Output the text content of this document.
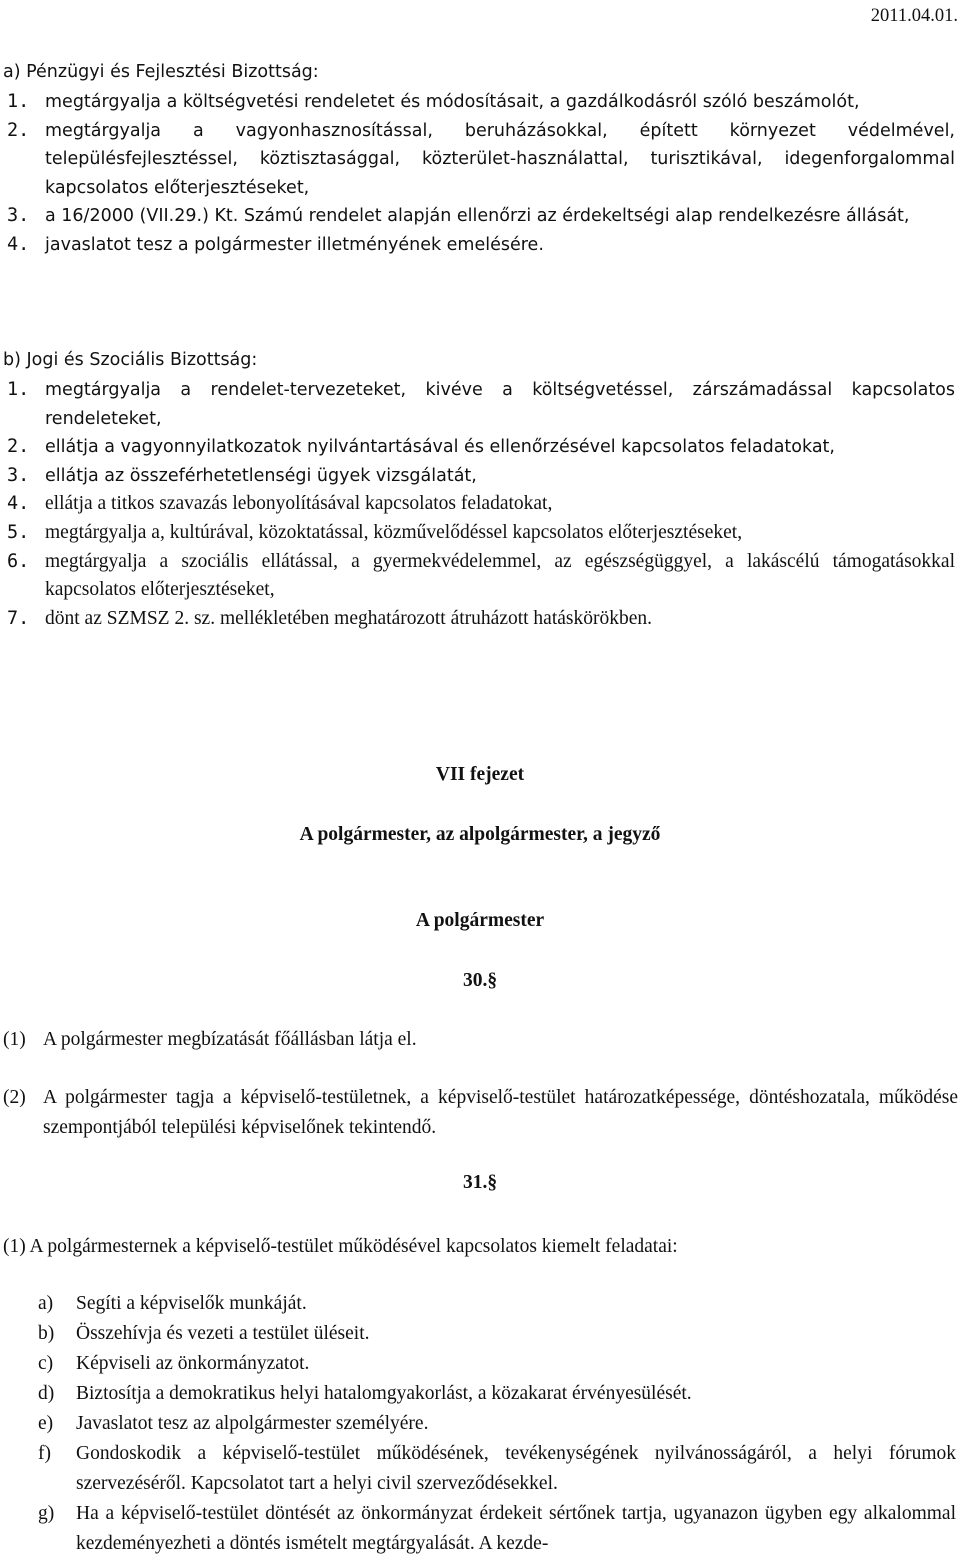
2011.04.01.
a) Pénzügyi és Fejlesztési Bizottság:
1. megtárgyalja a költségvetési rendeletet és módosításait, a gazdálkodásról szóló beszámolót,
2. megtárgyalja a vagyonhasznosítással, beruházásokkal, épített környezet védelmével, településfejlesztéssel, köztisztasággal, közterület-használattal, turisztikával, idegenforgalommal kapcsolatos előterjesztéseket,
3. a 16/2000 (VII.29.) Kt. Számú rendelet alapján ellenőrzi az érdekeltségi alap rendelkezésre állását,
4. javaslatot tesz a polgármester illetményének emelésére.
b) Jogi és Szociális Bizottság:
1. megtárgyalja a rendelet-tervezeteket, kivéve a költségvetéssel, zárszámadással kapcsolatos rendeleteket,
2. ellátja a vagyonnyilatkozatok nyilvántartásával és ellenőrzésével kapcsolatos feladatokat,
3. ellátja az összeférhetetlenségi ügyek vizsgálatát,
4. ellátja a titkos szavazás lebonyolításával kapcsolatos feladatokat,
5. megtárgyalja a, kultúrával, közoktatással, közművelődéssel kapcsolatos előterjesztéseket,
6. megtárgyalja a szociális ellátással, a gyermekvédelemmel, az egészségüggyel, a lakáscélú támogatásokkal kapcsolatos előterjesztéseket,
7. dönt az SZMSZ 2. sz. mellékletében meghatározott átruházott hatáskörökben.
VII fejezet
A polgármester, az alpolgármester, a jegyző
A polgármester
30.§
(1) A polgármester megbízatását főállásban látja el.
(2) A polgármester tagja a képviselő-testületnek, a képviselő-testület határozatképessége, döntéshozatala, működése szempontjából települési képviselőnek tekintendő.
31.§
(1) A polgármesternek a képviselő-testület működésével kapcsolatos kiemelt feladatai:
a)	Segíti a képviselők munkáját.
b)	Összehívja és vezeti a testület üléseit.
c)	Képviseli az önkormányzatot.
d)	Biztosítja a demokratikus helyi hatalomgyakorlást, a közakarat érvényesülését.
e)	Javaslatot tesz az alpolgármester személyére.
f)	Gondoskodik a képviselő-testület működésének, tevékenységének nyilvánosságáról, a helyi fórumok szervezéséről. Kapcsolatot tart a helyi civil szerveződésekkel.
g)	Ha a képviselő-testület döntését az önkormányzat érdekeit sértőnek tartja, ugyanazon ügyben egy alkalommal kezdeményezheti a döntés ismételt megtárgyalását. A kezde-
